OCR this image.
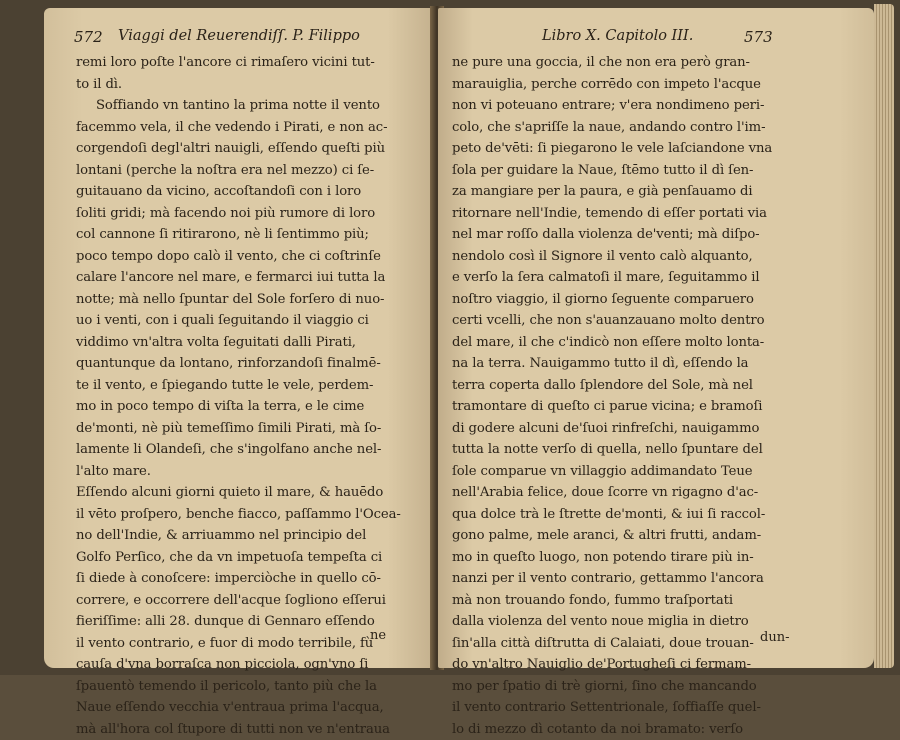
572 Viaggi del Reuerendiſſ. P. Filippo
remi loro poſte l'ancore ci rimaſero vicini tut-
to il dì.
Soffiando vn tantino la prima notte il vento
facemmo vela, il che vedendo i Pirati, e non ac-
corgendoſi degl'altri nauigli, eſſendo queſti più
lontani (perche la noſtra era nel mezzo) ci ſe-
guitauano da vicino, accoſtandoſi con i loro
ſoliti gridi; mà facendo noi più rumore di loro
col cannone ſi ritirarono, nè li ſentimmo più;
poco tempo dopo calò il vento, che ci coſtrinſe
calare l'ancore nel mare, e fermarci iui tutta la
notte; mà nello ſpuntar del Sole forſero di nuo-
uo i venti, con i quali ſeguitando il viaggio ci
viddimo vn'altra volta ſeguitati dalli Pirati,
quantunque da lontano, rinforzandoſi finalmē-
te il vento, e ſpiegando tutte le vele, perdem-
mo in poco tempo di viſta la terra, e le cime
de'monti, nè più temeſſimo ſimili Pirati, mà ſo-
lamente li Olandeſi, che s'ingolfano anche nel-
l'alto mare.
Eſſendo alcuni giorni quieto il mare, & hauēdo
il vēto proſpero, benche fiacco, paſſammo l'Ocea-
no dell'Indie, & arriuammo nel principio del
Golfo Perſico, che da vn impetuoſa tempeſta ci
ſi diede à conoſcere: imperciòche in quello cō-
correre, e occorrere dell'acque ſogliono eſſerui
fieriſſime: alli 28. dunque di Gennaro eſſendo
il vento contrario, e fuor di modo terribile, fù
cauſa d'vna borraſca non picciola, ogn'vno ſi
ſpauentò temendo il pericolo, tanto più che la
Naue eſſendo vecchia v'entraua prima l'acqua,
mà all'hora col ſtupore di tutti non ve n'entraua
ne
Libro X. Capitolo III.	573
ne pure una goccia, il che non era però gran-
marauiglia, perche corrēdo con impeto l'acque
non vi poteuano entrare; v'era nondimeno peri-
colo, che s'apriſſe la naue, andando contro l'im-
peto de'vēti: ſi piegarono le vele laſciandone vna
ſola per guidare la Naue, ſtēmo tutto il dì ſen-
za mangiare per la paura, e già penſauamo di
ritornare nell'Indie, temendo di eſſer portati via
nel mar roſſo dalla violenza de'venti; mà diſpo-
nendolo così il Signore il vento calò alquanto,
e verſo la ſera calmatoſi il mare, ſeguitammo il
noſtro viaggio, il giorno ſeguente comparuero
certi vcelli, che non s'auanzauano molto dentro
del mare, il che c'indicò non eſſere molto lonta-
na la terra. Nauigammo tutto il dì, eſſendo la
terra coperta dallo ſplendore del Sole, mà nel
tramontare di queſto ci parue vicina; e bramoſi
di godere alcuni de'ſuoi rinfreſchi, nauigammo
tutta la notte verſo di quella, nello ſpuntare del
ſole comparue vn villaggio addimandato Teue
nell'Arabia felice, doue ſcorre vn rigagno d'ac-
qua dolce trà le ſtrette de'monti, & iui ſi raccol-
gono palme, mele aranci, & altri frutti, andam-
mo in queſto luogo, non potendo tirare più in-
nanzi per il vento contrario, gettammo l'ancora
mà non trouando fondo, fummo traſportati
dalla violenza del vento noue miglia in dietro
ſin'alla città diſtrutta di Calaiati, doue trouan-
do vn'altro Nauiglio de'Portugheſi ci fermam-
mo per ſpatio di trè giorni, ſino che mancando
il vento contrario Settentrionale, ſoffiaſſe quel-
lo di mezzo dì cotanto da noi bramato: verſo
dun-
